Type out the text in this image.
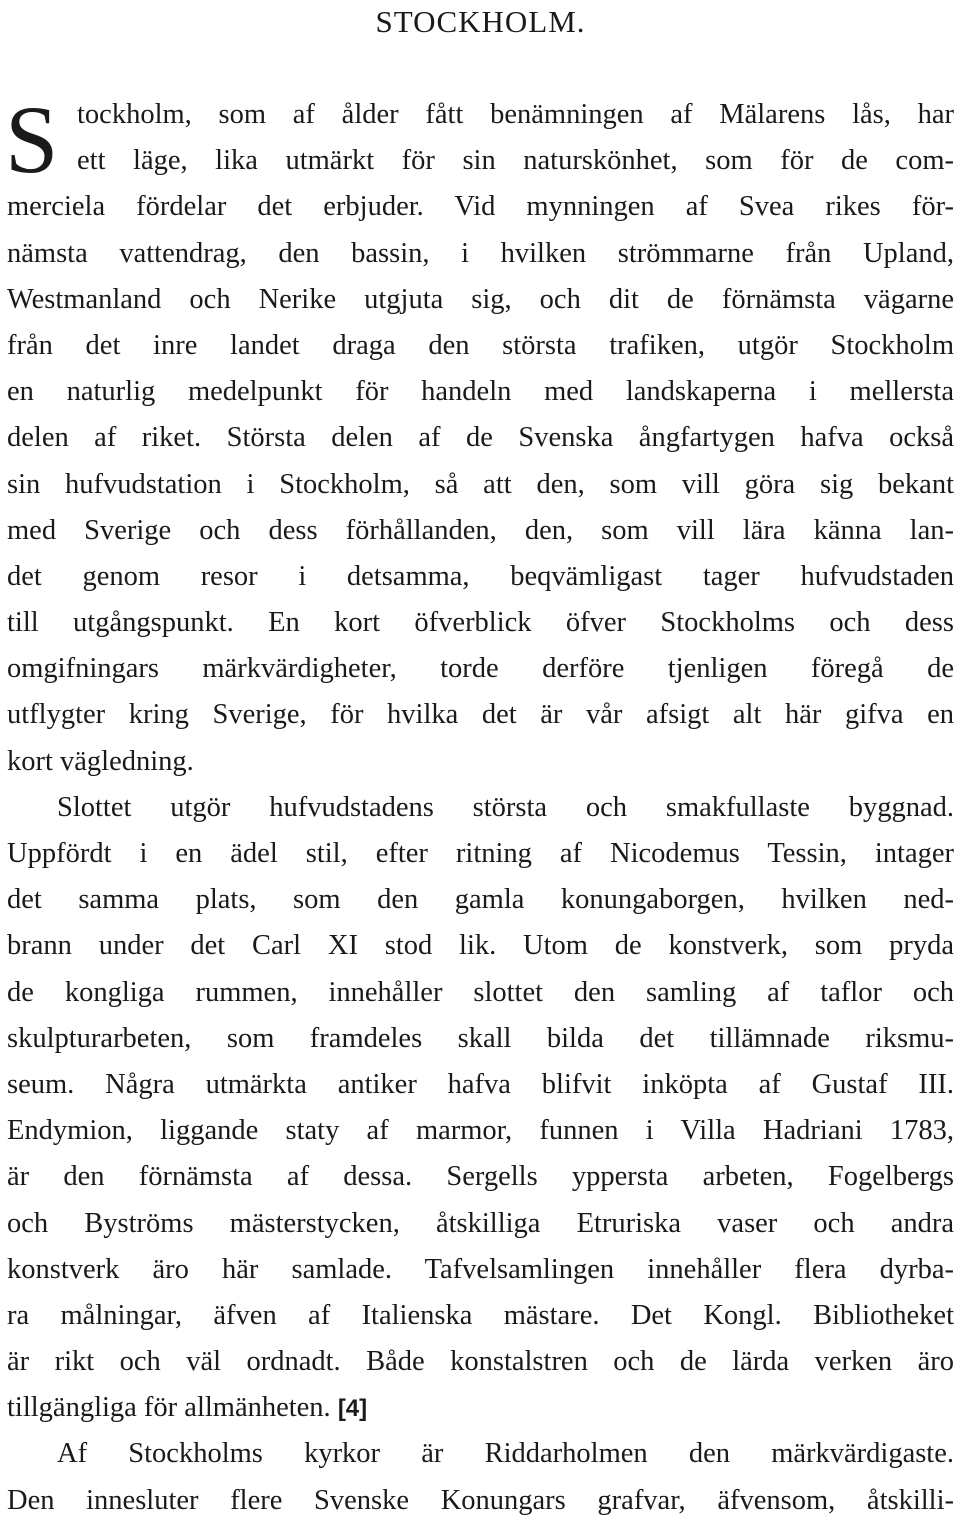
STOCKHOLM.
S tockholm, som af ålder fått benämningen af Mälarens lås, har
ett läge, lika utmärkt för sin naturskönhet, som för de com-
merciela fördelar det erbjuder. Vid mynningen af Svea rikes för-
nämsta vattendrag, den bassin, i hvilken strömmarne från Upland,
Westmanland och Nerike utgjuta sig, och dit de förnämsta vägarne
från det inre landet draga den största trafiken, utgör Stockholm
en naturlig medelpunkt för handeln med landskaperna i mellersta
delen af riket. Största delen af de Svenska ångfartygen hafva också
sin hufvudstation i Stockholm, så att den, som vill göra sig bekant
med Sverige och dess förhållanden, den, som vill lära känna lan-
det genom resor i detsamma, beqvämligast tager hufvudstaden
till utgångspunkt. En kort öfverblick öfver Stockholms och dess
omgifningars märkvärdigheter, torde derföre tjenligen föregå de
utflygter kring Sverige, för hvilka det är vår afsigt alt här gifva en
kort vägledning.
Slottet utgör hufvudstadens största och smakfullaste byggnad.
Uppfördt i en ädel stil, efter ritning af Nicodemus Tessin, intager
det samma plats, som den gamla konungaborgen, hvilken ned-
brann under det Carl XI stod lik. Utom de konstverk, som pryda
de kongliga rummen, innehåller slottet den samling af taflor och
skulpturarbeten, som framdeles skall bilda det tillämnade riksmu-
seum. Några utmärkta antiker hafva blifvit inköpta af Gustaf III.
Endymion, liggande staty af marmor, funnen i Villa Hadriani 1783,
är den förnämsta af dessa. Sergells yppersta arbeten, Fogelbergs
och Byströms mästerstycken, åtskilliga Etruriska vaser och andra
konstverk äro här samlade. Tafvelsamlingen innehåller flera dyrba-
ra målningar, äfven af Italienska mästare. Det Kongl. Bibliotheket
är rikt och väl ordnadt. Både konstalstren och de lärda verken äro
tillgängliga för allmänheten. [4]
Af Stockholms kyrkor är Riddarholmen den märkvärdigaste.
Den innesluter flere Svenske Konungars grafvar, äfvensom, åtskilli-
